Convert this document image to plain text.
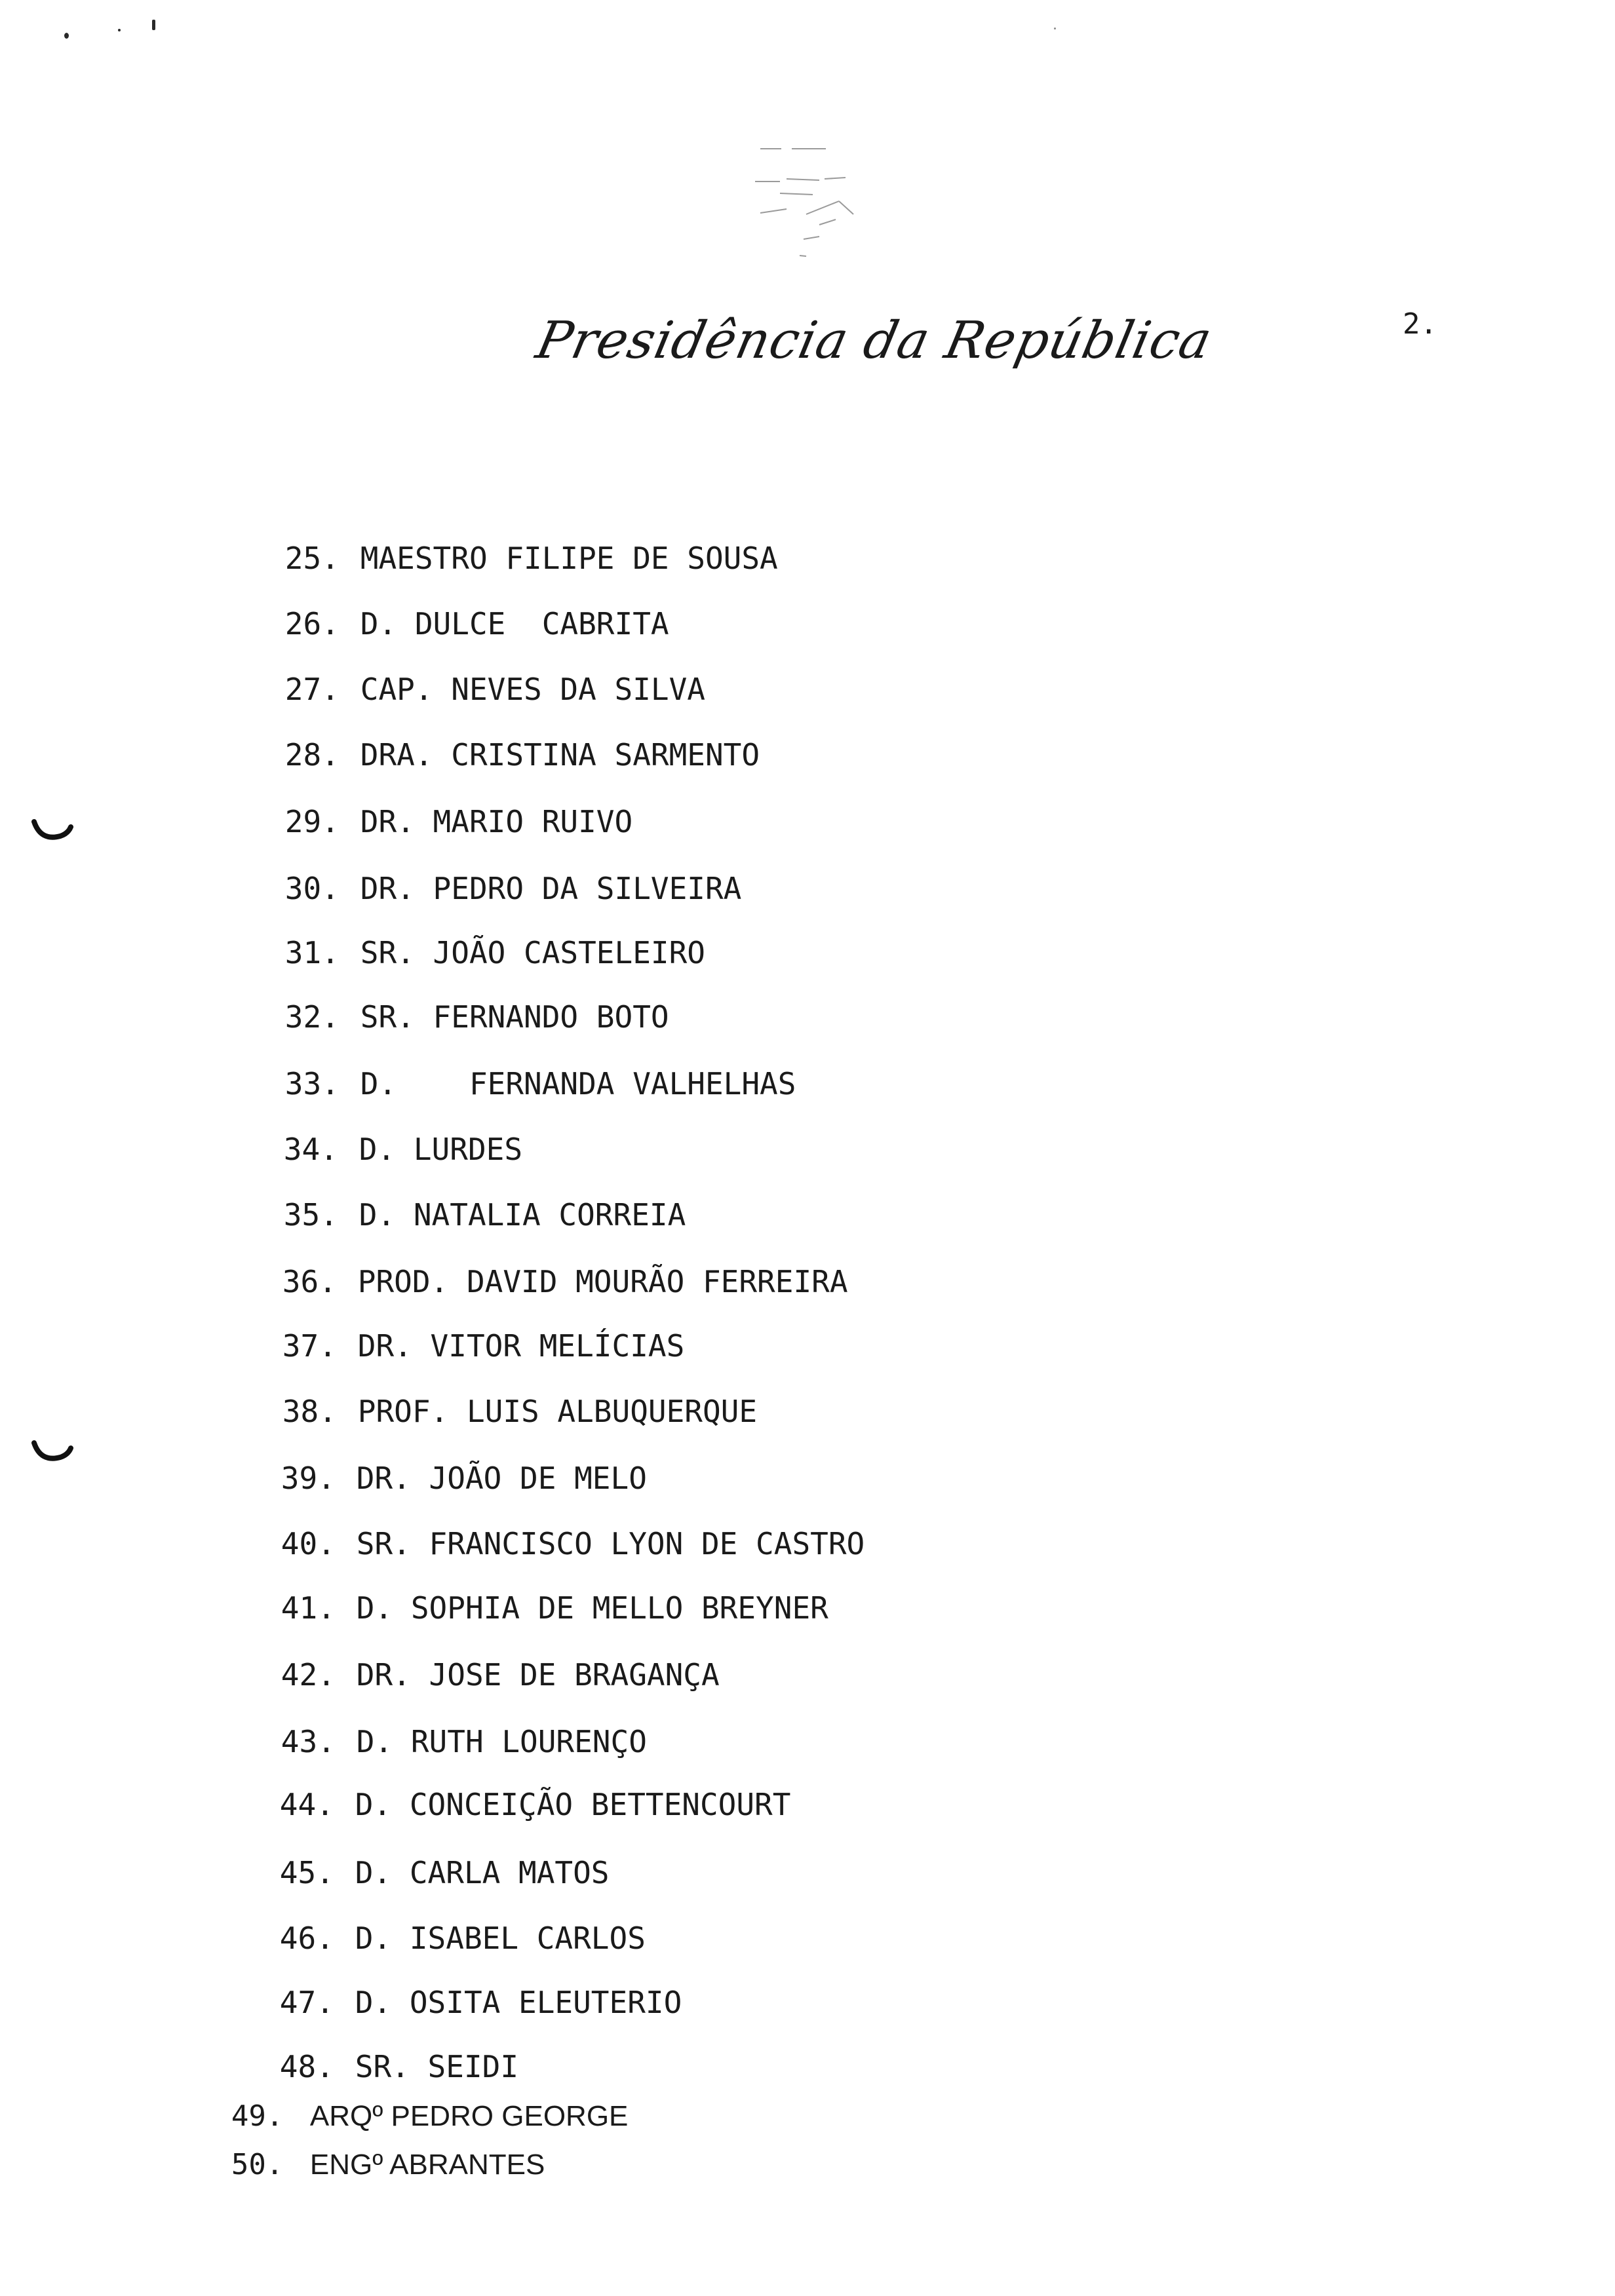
Presidência da República	2.

25. MAESTRO FILIPE DE SOUSA

26. D. DULCE  CABRITA

27. CAP. NEVES DA SILVA

28. DRA. CRISTINA SARMENTO

29. DR. MARIO RUIVO

30. DR. PEDRO DA SILVEIRA

31. SR. JOÃO CASTELEIRO

32. SR. FERNANDO BOTO

33. D.    FERNANDA VALHELHAS

34. D. LURDES

35. D. NATALIA CORREIA

36. PROD. DAVID MOURÃO FERREIRA

37. DR. VITOR MELÍCIAS

38. PROF. LUIS ALBUQUERQUE

39. DR. JOÃO DE MELO

40. SR. FRANCISCO LYON DE CASTRO

41. D. SOPHIA DE MELLO BREYNER

42. DR. JOSE DE BRAGANÇA

43. D. RUTH LOURENÇO

44. D. CONCEIÇÃO BETTENCOURT

45. D. CARLA MATOS

46. D. ISABEL CARLOS

47. D. OSITA ELEUTERIO

48. SR. SEIDI

49. ARQº PEDRO GEORGE

50. ENGº ABRANTES
